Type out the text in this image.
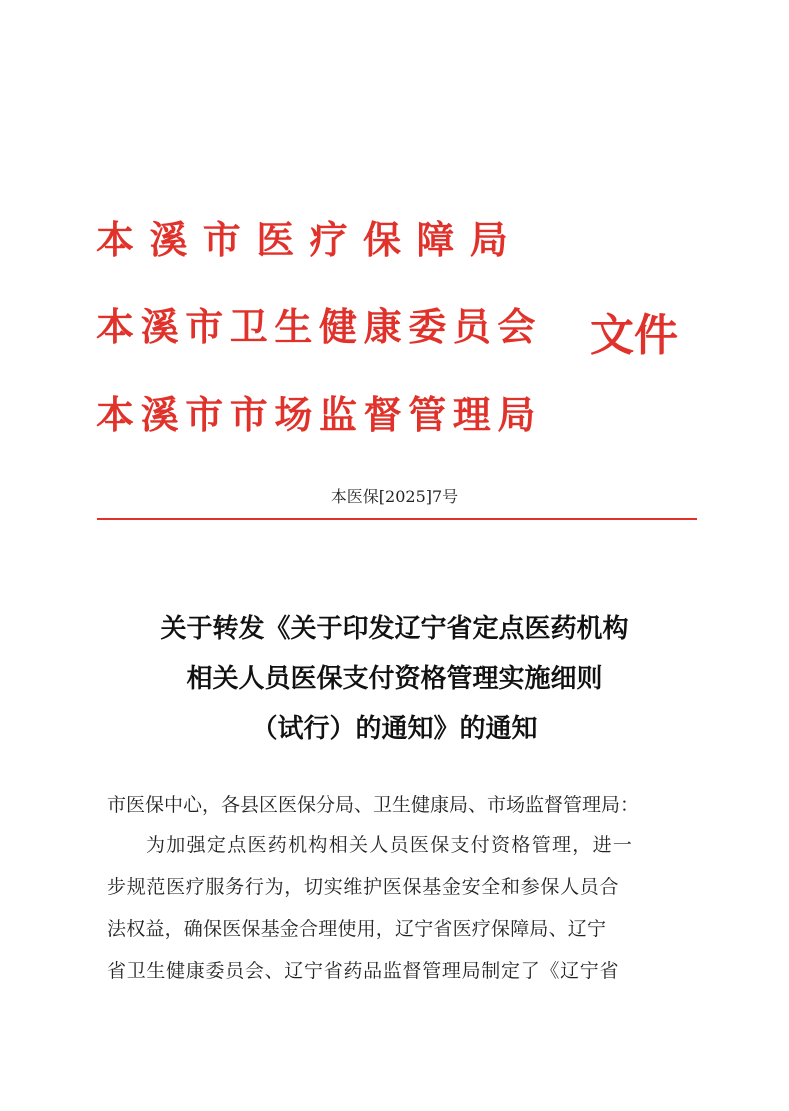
本溪市医疗保障局
本溪市卫生健康委员会
本溪市市场监督管理局
文件
本医保[2025]7号
关于转发《关于印发辽宁省定点医药机构
相关人员医保支付资格管理实施细则
（试行）的通知》的通知
市医保中心，各县区医保分局、卫生健康局、市场监督管理局：
为加强定点医药机构相关人员医保支付资格管理，进一
步规范医疗服务行为，切实维护医保基金安全和参保人员合
法权益，确保医保基金合理使用，辽宁省医疗保障局、辽宁
省卫生健康委员会、辽宁省药品监督管理局制定了《辽宁省
